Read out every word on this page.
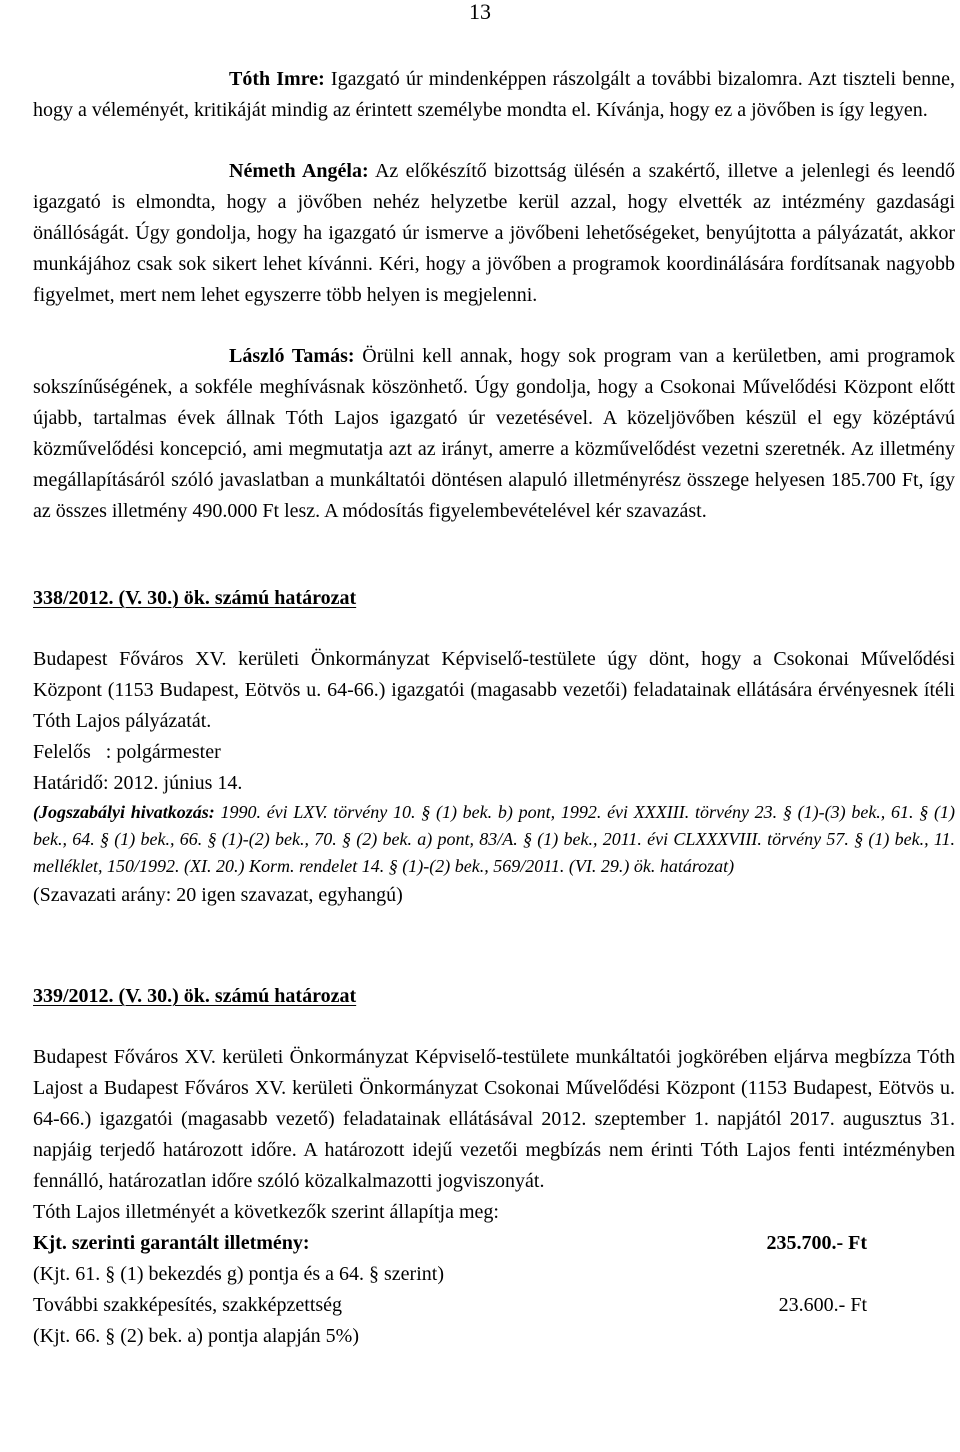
13

Tóth Imre: Igazgató úr mindenképpen rászolgált a további bizalomra. Azt tiszteli benne, hogy a véleményét, kritikáját mindig az érintett személybe mondta el. Kívánja, hogy ez a jövőben is így legyen.

Németh Angéla: Az előkészítő bizottság ülésén a szakértő, illetve a jelenlegi és leendő igazgató is elmondta, hogy a jövőben nehéz helyzetbe kerül azzal, hogy elvették az intézmény gazdasági önállóságát. Úgy gondolja, hogy ha igazgató úr ismerve a jövőbeni lehetőségeket, benyújtotta a pályázatát, akkor munkájához csak sok sikert lehet kívánni. Kéri, hogy a jövőben a programok koordinálására fordítsanak nagyobb figyelmet, mert nem lehet egyszerre több helyen is megjelenni.

László Tamás: Örülni kell annak, hogy sok program van a kerületben, ami programok sokszínűségének, a sokféle meghívásnak köszönhető. Úgy gondolja, hogy a Csokonai Művelődési Központ előtt újabb, tartalmas évek állnak Tóth Lajos igazgató úr vezetésével. A közeljövőben készül el egy középtávú közművelődési koncepció, ami megmutatja azt az irányt, amerre a közművelődést vezetni szeretnék. Az illetmény megállapításáról szóló javaslatban a munkáltatói döntésen alapuló illetményrész összege helyesen 185.700 Ft, így az összes illetmény 490.000 Ft lesz. A módosítás figyelembevételével kér szavazást.

338/2012. (V. 30.) ök. számú határozat

Budapest Főváros XV. kerületi Önkormányzat Képviselő-testülete úgy dönt, hogy a Csokonai Művelődési Központ (1153 Budapest, Eötvös u. 64-66.) igazgatói (magasabb vezetői) feladatainak ellátására érvényesnek ítéli Tóth Lajos pályázatát.

Felelős   : polgármester

Határidő: 2012. június 14.

(Jogszabályi hivatkozás: 1990. évi LXV. törvény 10. § (1) bek. b) pont, 1992. évi XXXIII. törvény 23. § (1)-(3) bek., 61. § (1) bek., 64. § (1) bek., 66. § (1)-(2) bek., 70. § (2) bek. a) pont, 83/A. § (1) bek., 2011. évi CLXXXVIII. törvény 57. § (1) bek., 11. melléklet, 150/1992. (XI. 20.) Korm. rendelet 14. § (1)-(2) bek., 569/2011. (VI. 29.) ök. határozat)

(Szavazati arány: 20 igen szavazat, egyhangú)

339/2012. (V. 30.) ök. számú határozat

Budapest Főváros XV. kerületi Önkormányzat Képviselő-testülete munkáltatói jogkörében eljárva megbízza Tóth Lajost a Budapest Főváros XV. kerületi Önkormányzat Csokonai Művelődési Központ (1153 Budapest, Eötvös u. 64-66.) igazgatói (magasabb vezető) feladatainak ellátásával 2012. szeptember 1. napjától 2017. augusztus 31. napjáig terjedő határozott időre. A határozott idejű vezetői megbízás nem érinti Tóth Lajos fenti intézményben fennálló, határozatlan időre szóló közalkalmazotti jogviszonyát.

Tóth Lajos illetményét a következők szerint állapítja meg:

Kjt. szerinti garantált illetmény:	235.700.- Ft

(Kjt. 61. § (1) bekezdés g) pontja és a 64. § szerint)

További szakképesítés, szakképzettség	23.600.- Ft

(Kjt. 66. § (2) bek. a) pontja alapján 5%)
